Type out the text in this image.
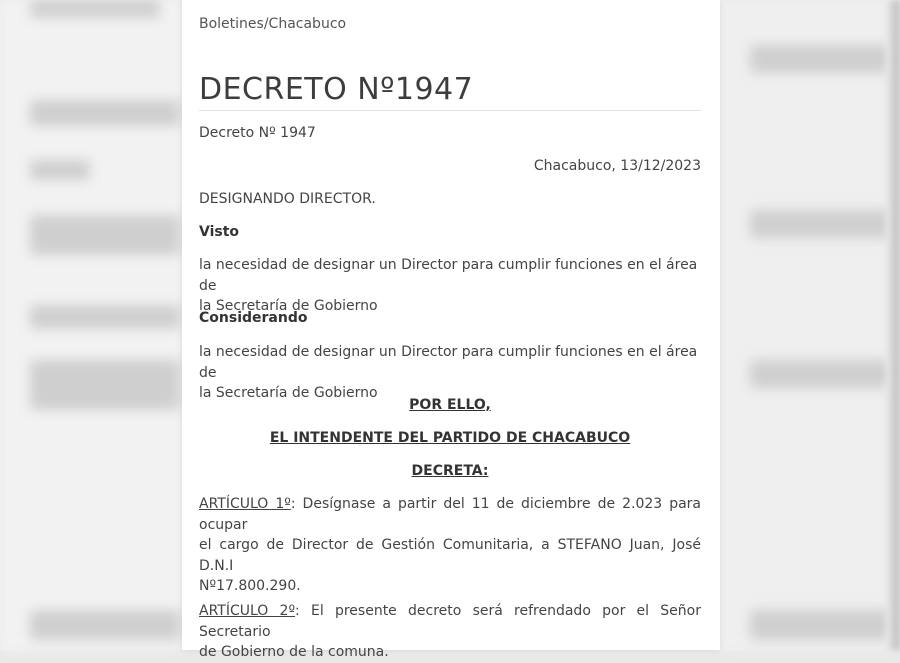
Boletines/Chacabuco
DECRETO Nº1947
Decreto Nº 1947
Chacabuco, 13/12/2023
DESIGNANDO DIRECTOR.
Visto
la necesidad de designar un Director para cumplir funciones en el área de
la Secretaría de Gobierno
Considerando
la necesidad de designar un Director para cumplir funciones en el área de
la Secretaría de Gobierno
POR ELLO,
EL INTENDENTE DEL PARTIDO DE CHACABUCO
DECRETA:
ARTÍCULO 1º: Desígnase a partir del 11 de diciembre de 2.023 para ocupar
el cargo de Director de Gestión Comunitaria, a STEFANO Juan, José D.N.I
Nº17.800.290.
ARTÍCULO 2º: El presente decreto será refrendado por el Señor Secretario
de Gobierno de la comuna.
